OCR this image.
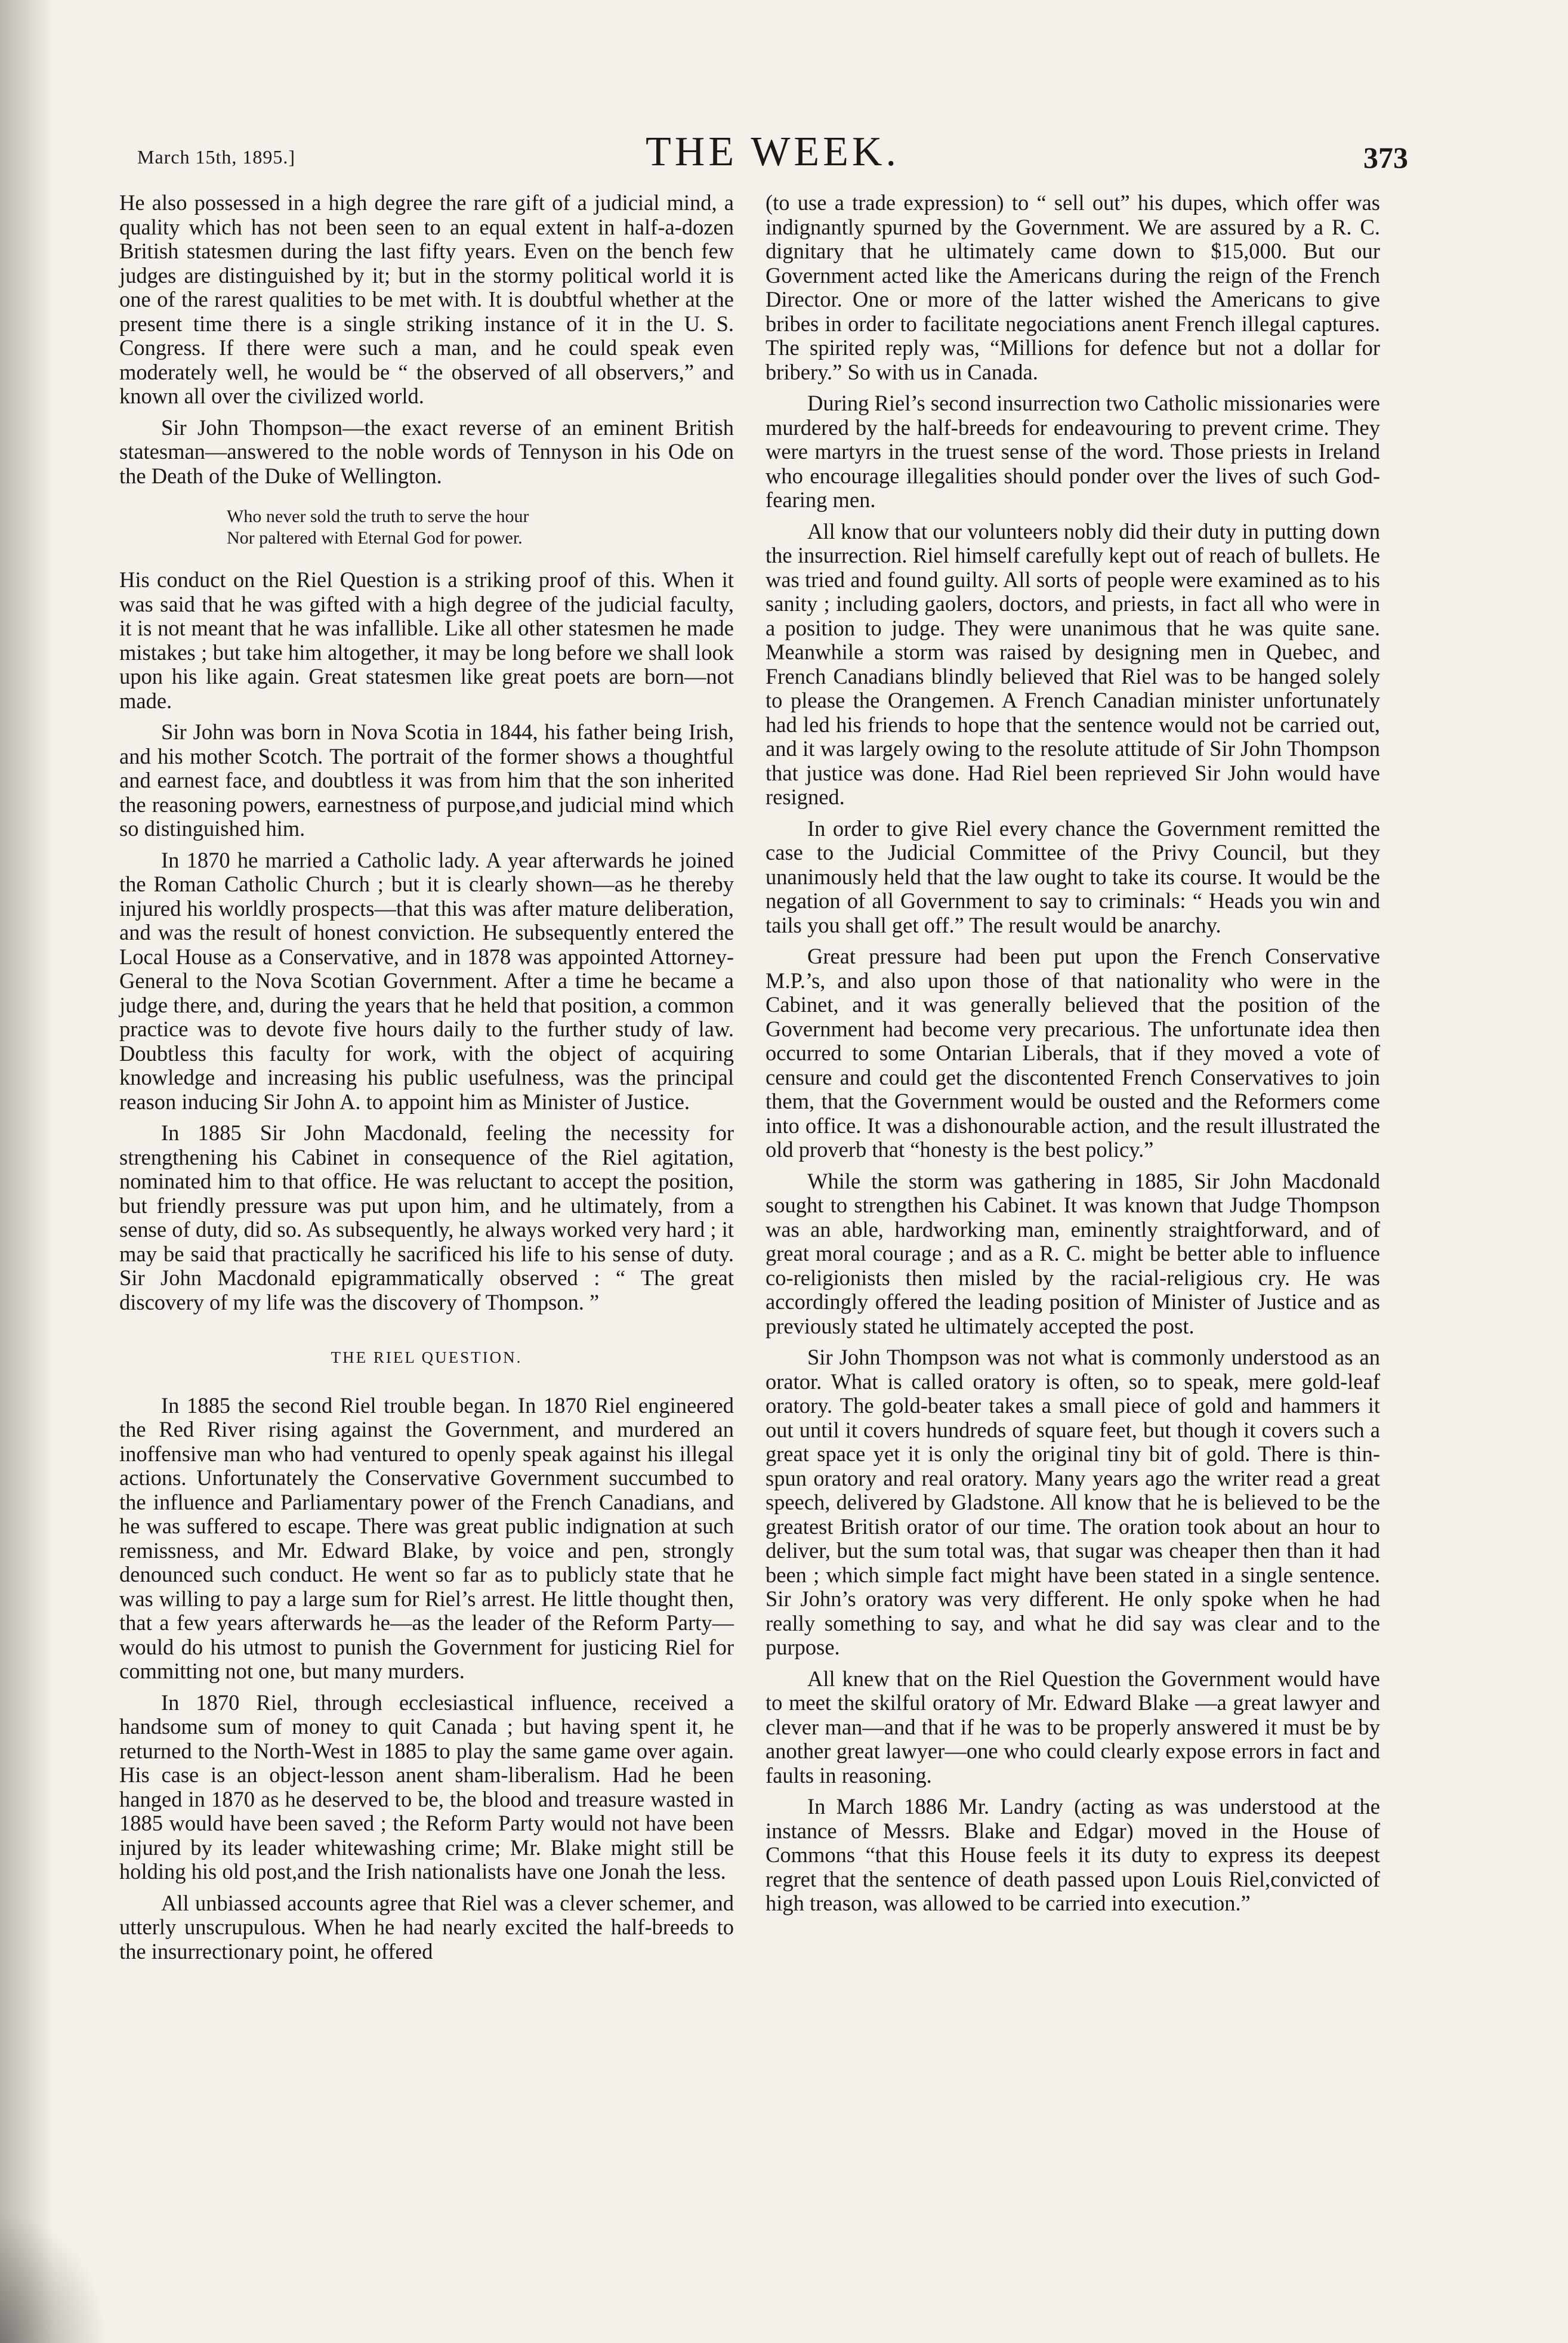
March 15th, 1895.]	THE WEEK.	373

He also possessed in a high degree the rare gift of a judicial mind, a quality which has not been seen to an equal extent in half-a-dozen British statesmen during the last fifty years. Even on the bench few judges are distinguished by it; but in the stormy political world it is one of the rarest qualities to be met with. It is doubtful whether at the present time there is a single striking instance of it in the U. S. Congress. If there were such a man, and he could speak even moderately well, he would be “ the observed of all observers,” and known all over the civilized world.

Sir John Thompson—the exact reverse of an eminent British statesman—answered to the noble words of Tennyson in his Ode on the Death of the Duke of Wellington.

Who never sold the truth to serve the hour
Nor paltered with Eternal God for power.

His conduct on the Riel Question is a striking proof of this. When it was said that he was gifted with a high degree of the judicial faculty, it is not meant that he was infallible. Like all other statesmen he made mistakes ; but take him altogether, it may be long before we shall look upon his like again. Great statesmen like great poets are born—not made.

Sir John was born in Nova Scotia in 1844, his father being Irish, and his mother Scotch. The portrait of the former shows a thoughtful and earnest face, and doubtless it was from him that the son inherited the reasoning powers, earnestness of purpose,and judicial mind which so distinguished him.

In 1870 he married a Catholic lady. A year afterwards he joined the Roman Catholic Church ; but it is clearly shown—as he thereby injured his worldly prospects—that this was after mature deliberation, and was the result of honest conviction. He subsequently entered the Local House as a Conservative, and in 1878 was appointed Attorney-General to the Nova Scotian Government. After a time he became a judge there, and, during the years that he held that position, a common practice was to devote five hours daily to the further study of law. Doubtless this faculty for work, with the object of acquiring knowledge and increasing his public usefulness, was the principal reason inducing Sir John A. to appoint him as Minister of Justice.

In 1885 Sir John Macdonald, feeling the necessity for strengthening his Cabinet in consequence of the Riel agitation, nominated him to that office. He was reluctant to accept the position, but friendly pressure was put upon him, and he ultimately, from a sense of duty, did so. As subsequently, he always worked very hard ; it may be said that practically he sacrificed his life to his sense of duty. Sir John Macdonald epigrammatically observed : “ The great discovery of my life was the discovery of Thompson. ”

THE RIEL QUESTION.

In 1885 the second Riel trouble began. In 1870 Riel engineered the Red River rising against the Government, and murdered an inoffensive man who had ventured to openly speak against his illegal actions. Unfortunately the Conservative Government succumbed to the influence and Parliamentary power of the French Canadians, and he was suffered to escape. There was great public indignation at such remissness, and Mr. Edward Blake, by voice and pen, strongly denounced such conduct. He went so far as to publicly state that he was willing to pay a large sum for Riel’s arrest. He little thought then, that a few years afterwards he—as the leader of the Reform Party—would do his utmost to punish the Government for justicing Riel for committing not one, but many murders.

In 1870 Riel, through ecclesiastical influence, received a handsome sum of money to quit Canada ; but having spent it, he returned to the North-West in 1885 to play the same game over again. His case is an object-lesson anent sham-liberalism. Had he been hanged in 1870 as he deserved to be, the blood and treasure wasted in 1885 would have been saved ; the Reform Party would not have been injured by its leader whitewashing crime; Mr. Blake might still be holding his old post,and the Irish nationalists have one Jonah the less.

All unbiassed accounts agree that Riel was a clever schemer, and utterly unscrupulous. When he had nearly excited the half-breeds to the insurrectionary point, he offered

(to use a trade expression) to “ sell out” his dupes, which offer was indignantly spurned by the Government. We are assured by a R. C. dignitary that he ultimately came down to $15,000. But our Government acted like the Americans during the reign of the French Director. One or more of the latter wished the Americans to give bribes in order to facilitate negociations anent French illegal captures. The spirited reply was, “Millions for defence but not a dollar for bribery.” So with us in Canada.

During Riel’s second insurrection two Catholic missionaries were murdered by the half-breeds for endeavouring to prevent crime. They were martyrs in the truest sense of the word. Those priests in Ireland who encourage illegalities should ponder over the lives of such God-fearing men.

All know that our volunteers nobly did their duty in putting down the insurrection. Riel himself carefully kept out of reach of bullets. He was tried and found guilty. All sorts of people were examined as to his sanity ; including gaolers, doctors, and priests, in fact all who were in a position to judge. They were unanimous that he was quite sane. Meanwhile a storm was raised by designing men in Quebec, and French Canadians blindly believed that Riel was to be hanged solely to please the Orangemen. A French Canadian minister unfortunately had led his friends to hope that the sentence would not be carried out, and it was largely owing to the resolute attitude of Sir John Thompson that justice was done. Had Riel been reprieved Sir John would have resigned.

In order to give Riel every chance the Government remitted the case to the Judicial Committee of the Privy Council, but they unanimously held that the law ought to take its course. It would be the negation of all Government to say to criminals: “ Heads you win and tails you shall get off.” The result would be anarchy.

Great pressure had been put upon the French Conservative M.P.’s, and also upon those of that nationality who were in the Cabinet, and it was generally believed that the position of the Government had become very precarious. The unfortunate idea then occurred to some Ontarian Liberals, that if they moved a vote of censure and could get the discontented French Conservatives to join them, that the Government would be ousted and the Reformers come into office. It was a dishonourable action, and the result illustrated the old proverb that “honesty is the best policy.”

While the storm was gathering in 1885, Sir John Macdonald sought to strengthen his Cabinet. It was known that Judge Thompson was an able, hardworking man, eminently straightforward, and of great moral courage ; and as a R. C. might be better able to influence co-religionists then misled by the racial-religious cry. He was accordingly offered the leading position of Minister of Justice and as previously stated he ultimately accepted the post.

Sir John Thompson was not what is commonly understood as an orator. What is called oratory is often, so to speak, mere gold-leaf oratory. The gold-beater takes a small piece of gold and hammers it out until it covers hundreds of square feet, but though it covers such a great space yet it is only the original tiny bit of gold. There is thin-spun oratory and real oratory. Many years ago the writer read a great speech, delivered by Gladstone. All know that he is believed to be the greatest British orator of our time. The oration took about an hour to deliver, but the sum total was, that sugar was cheaper then than it had been ; which simple fact might have been stated in a single sentence. Sir John’s oratory was very different. He only spoke when he had really something to say, and what he did say was clear and to the purpose.

All knew that on the Riel Question the Government would have to meet the skilful oratory of Mr. Edward Blake —a great lawyer and clever man—and that if he was to be properly answered it must be by another great lawyer—one who could clearly expose errors in fact and faults in reasoning.

In March 1886 Mr. Landry (acting as was understood at the instance of Messrs. Blake and Edgar) moved in the House of Commons “that this House feels it its duty to express its deepest regret that the sentence of death passed upon Louis Riel,convicted of high treason, was allowed to be carried into execution.”
